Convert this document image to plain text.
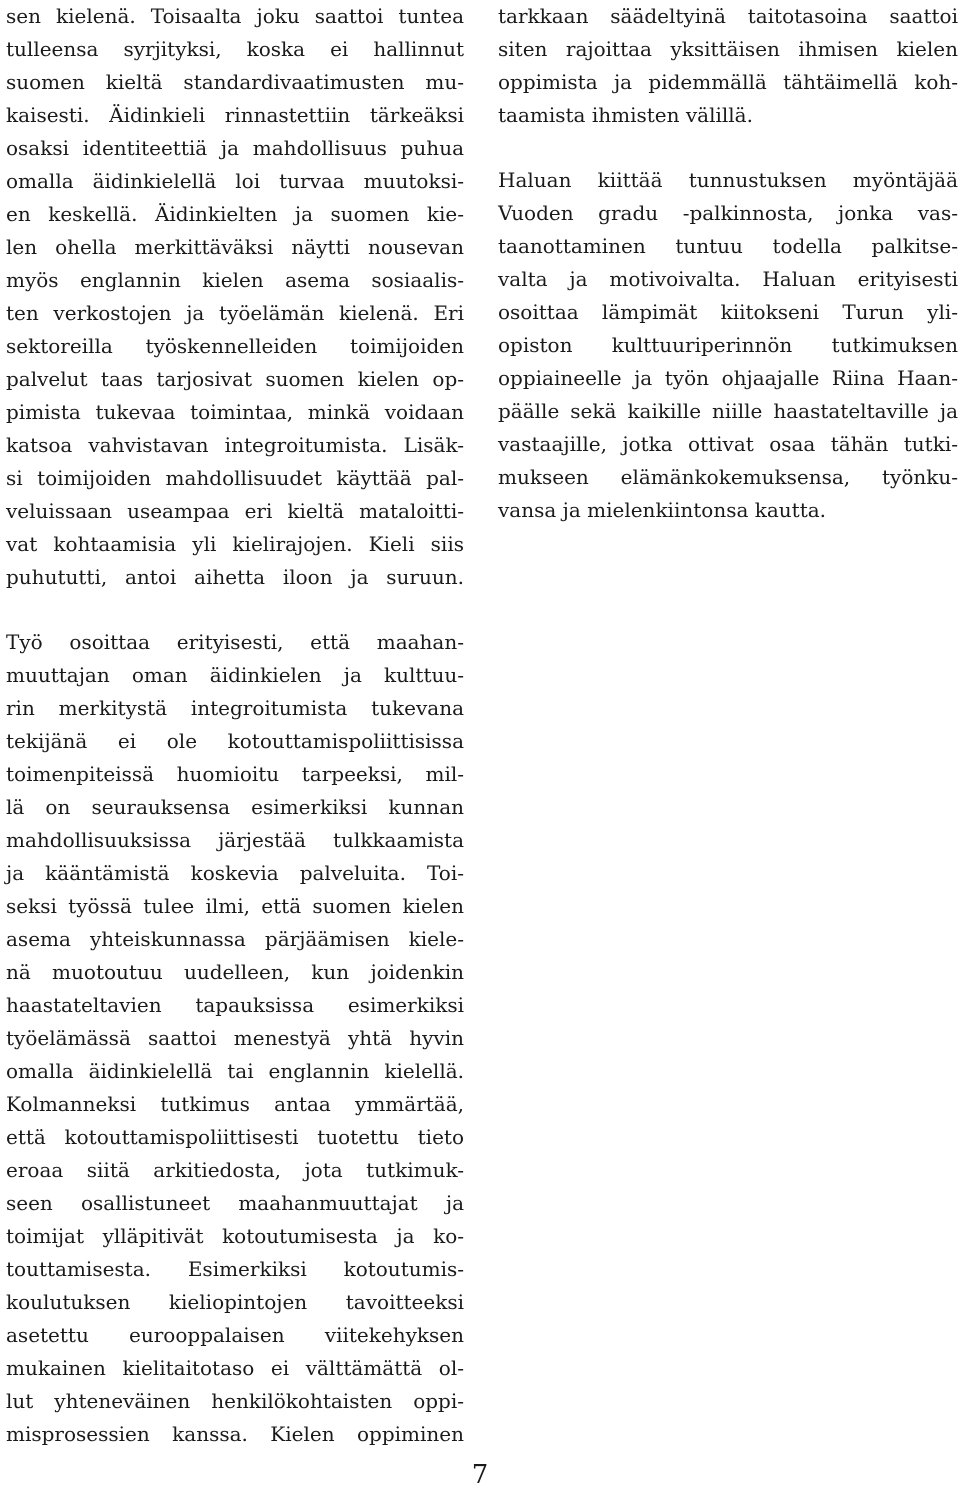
sen kielenä. Toisaalta joku saattoi tuntea
tulleensa syrjityksi, koska ei hallinnut
suomen kieltä standardivaatimusten mu-
kaisesti. Äidinkieli rinnastettiin tärkeäksi
osaksi identiteettiä ja mahdollisuus puhua
omalla äidinkielellä loi turvaa muutoksi-
en keskellä. Äidinkielten ja suomen kie-
len ohella merkittäväksi näytti nousevan
myös englannin kielen asema sosiaalis-
ten verkostojen ja työelämän kielenä. Eri
sektoreilla työskennelleiden toimijoiden
palvelut taas tarjosivat suomen kielen op-
pimista tukevaa toimintaa, minkä voidaan
katsoa vahvistavan integroitumista. Lisäk-
si toimijoiden mahdollisuudet käyttää pal-
veluissaan useampaa eri kieltä mataloitti-
vat kohtaamisia yli kielirajojen. Kieli siis
puhututti, antoi aihetta iloon ja suruun.
Työ osoittaa erityisesti, että maahan-
muuttajan oman äidinkielen ja kulttuu-
rin merkitystä integroitumista tukevana
tekijänä ei ole kotouttamispoliittisissa
toimenpiteissä huomioitu tarpeeksi, mil-
lä on seurauksensa esimerkiksi kunnan
mahdollisuuksissa järjestää tulkkaamista
ja kääntämistä koskevia palveluita. Toi-
seksi työssä tulee ilmi, että suomen kielen
asema yhteiskunnassa pärjäämisen kiele-
nä muotoutuu uudelleen, kun joidenkin
haastateltavien tapauksissa esimerkiksi
työelämässä saattoi menestyä yhtä hyvin
omalla äidinkielellä tai englannin kielellä.
Kolmanneksi tutkimus antaa ymmärtää,
että kotouttamispoliittisesti tuotettu tieto
eroaa siitä arkitiedosta, jota tutkimuk-
seen osallistuneet maahanmuuttajat ja
toimijat ylläpitivät kotoutumisesta ja ko-
touttamisesta. Esimerkiksi kotoutumis-
koulutuksen kieliopintojen tavoitteeksi
asetettu eurooppalaisen viitekehyksen
mukainen kielitaitotaso ei välttämättä ol-
lut yhteneväinen henkilökohtaisten oppi-
misprosessien kanssa. Kielen oppiminen
tarkkaan säädeltyinä taitotasoina saattoi
siten rajoittaa yksittäisen ihmisen kielen
oppimista ja pidemmällä tähtäimellä koh-
taamista ihmisten välillä.
Haluan kiittää tunnustuksen myöntäjää
Vuoden gradu -palkinnosta, jonka vas-
taanottaminen tuntuu todella palkitse-
valta ja motivoivalta. Haluan erityisesti
osoittaa lämpimät kiitokseni Turun yli-
opiston kulttuuriperinnön tutkimuksen
oppiaineelle ja työn ohjaajalle Riina Haan-
päälle sekä kaikille niille haastateltaville ja
vastaajille, jotka ottivat osaa tähän tutki-
mukseen elämänkokemuksensa, työnku-
vansa ja mielenkiintonsa kautta.
7
